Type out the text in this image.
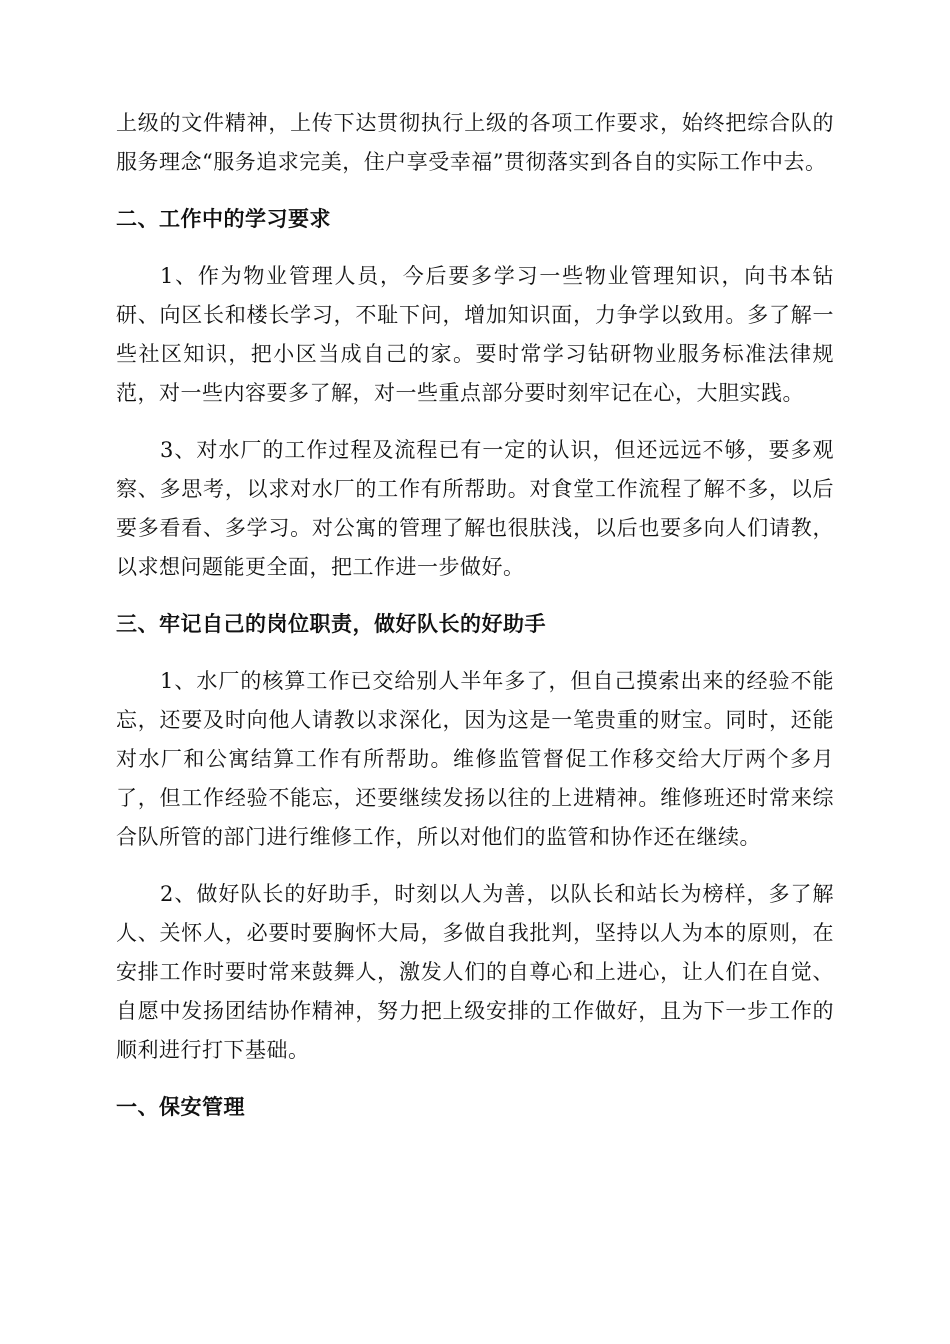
上级的文件精神，上传下达贯彻执行上级的各项工作要求，始终把综合队的服务理念“服务追求完美，住户享受幸福”贯彻落实到各自的实际工作中去。

二、工作中的学习要求

1、作为物业管理人员，今后要多学习一些物业管理知识，向书本钻研、向区长和楼长学习，不耻下问，增加知识面，力争学以致用。多了解一些社区知识，把小区当成自己的家。要时常学习钻研物业服务标准法律规范，对一些内容要多了解，对一些重点部分要时刻牢记在心，大胆实践。

3、对水厂的工作过程及流程已有一定的认识，但还远远不够，要多观察、多思考，以求对水厂的工作有所帮助。对食堂工作流程了解不多，以后要多看看、多学习。对公寓的管理了解也很肤浅，以后也要多向人们请教，以求想问题能更全面，把工作进一步做好。

三、牢记自己的岗位职责，做好队长的好助手

1、水厂的核算工作已交给别人半年多了，但自己摸索出来的经验不能忘，还要及时向他人请教以求深化，因为这是一笔贵重的财宝。同时，还能对水厂和公寓结算工作有所帮助。维修监管督促工作移交给大厅两个多月了，但工作经验不能忘，还要继续发扬以往的上进精神。维修班还时常来综合队所管的部门进行维修工作，所以对他们的监管和协作还在继续。

2、做好队长的好助手，时刻以人为善，以队长和站长为榜样，多了解人、关怀人，必要时要胸怀大局，多做自我批判，坚持以人为本的原则，在安排工作时要时常来鼓舞人，激发人们的自尊心和上进心，让人们在自觉、自愿中发扬团结协作精神，努力把上级安排的工作做好，且为下一步工作的顺利进行打下基础。

一、保安管理
